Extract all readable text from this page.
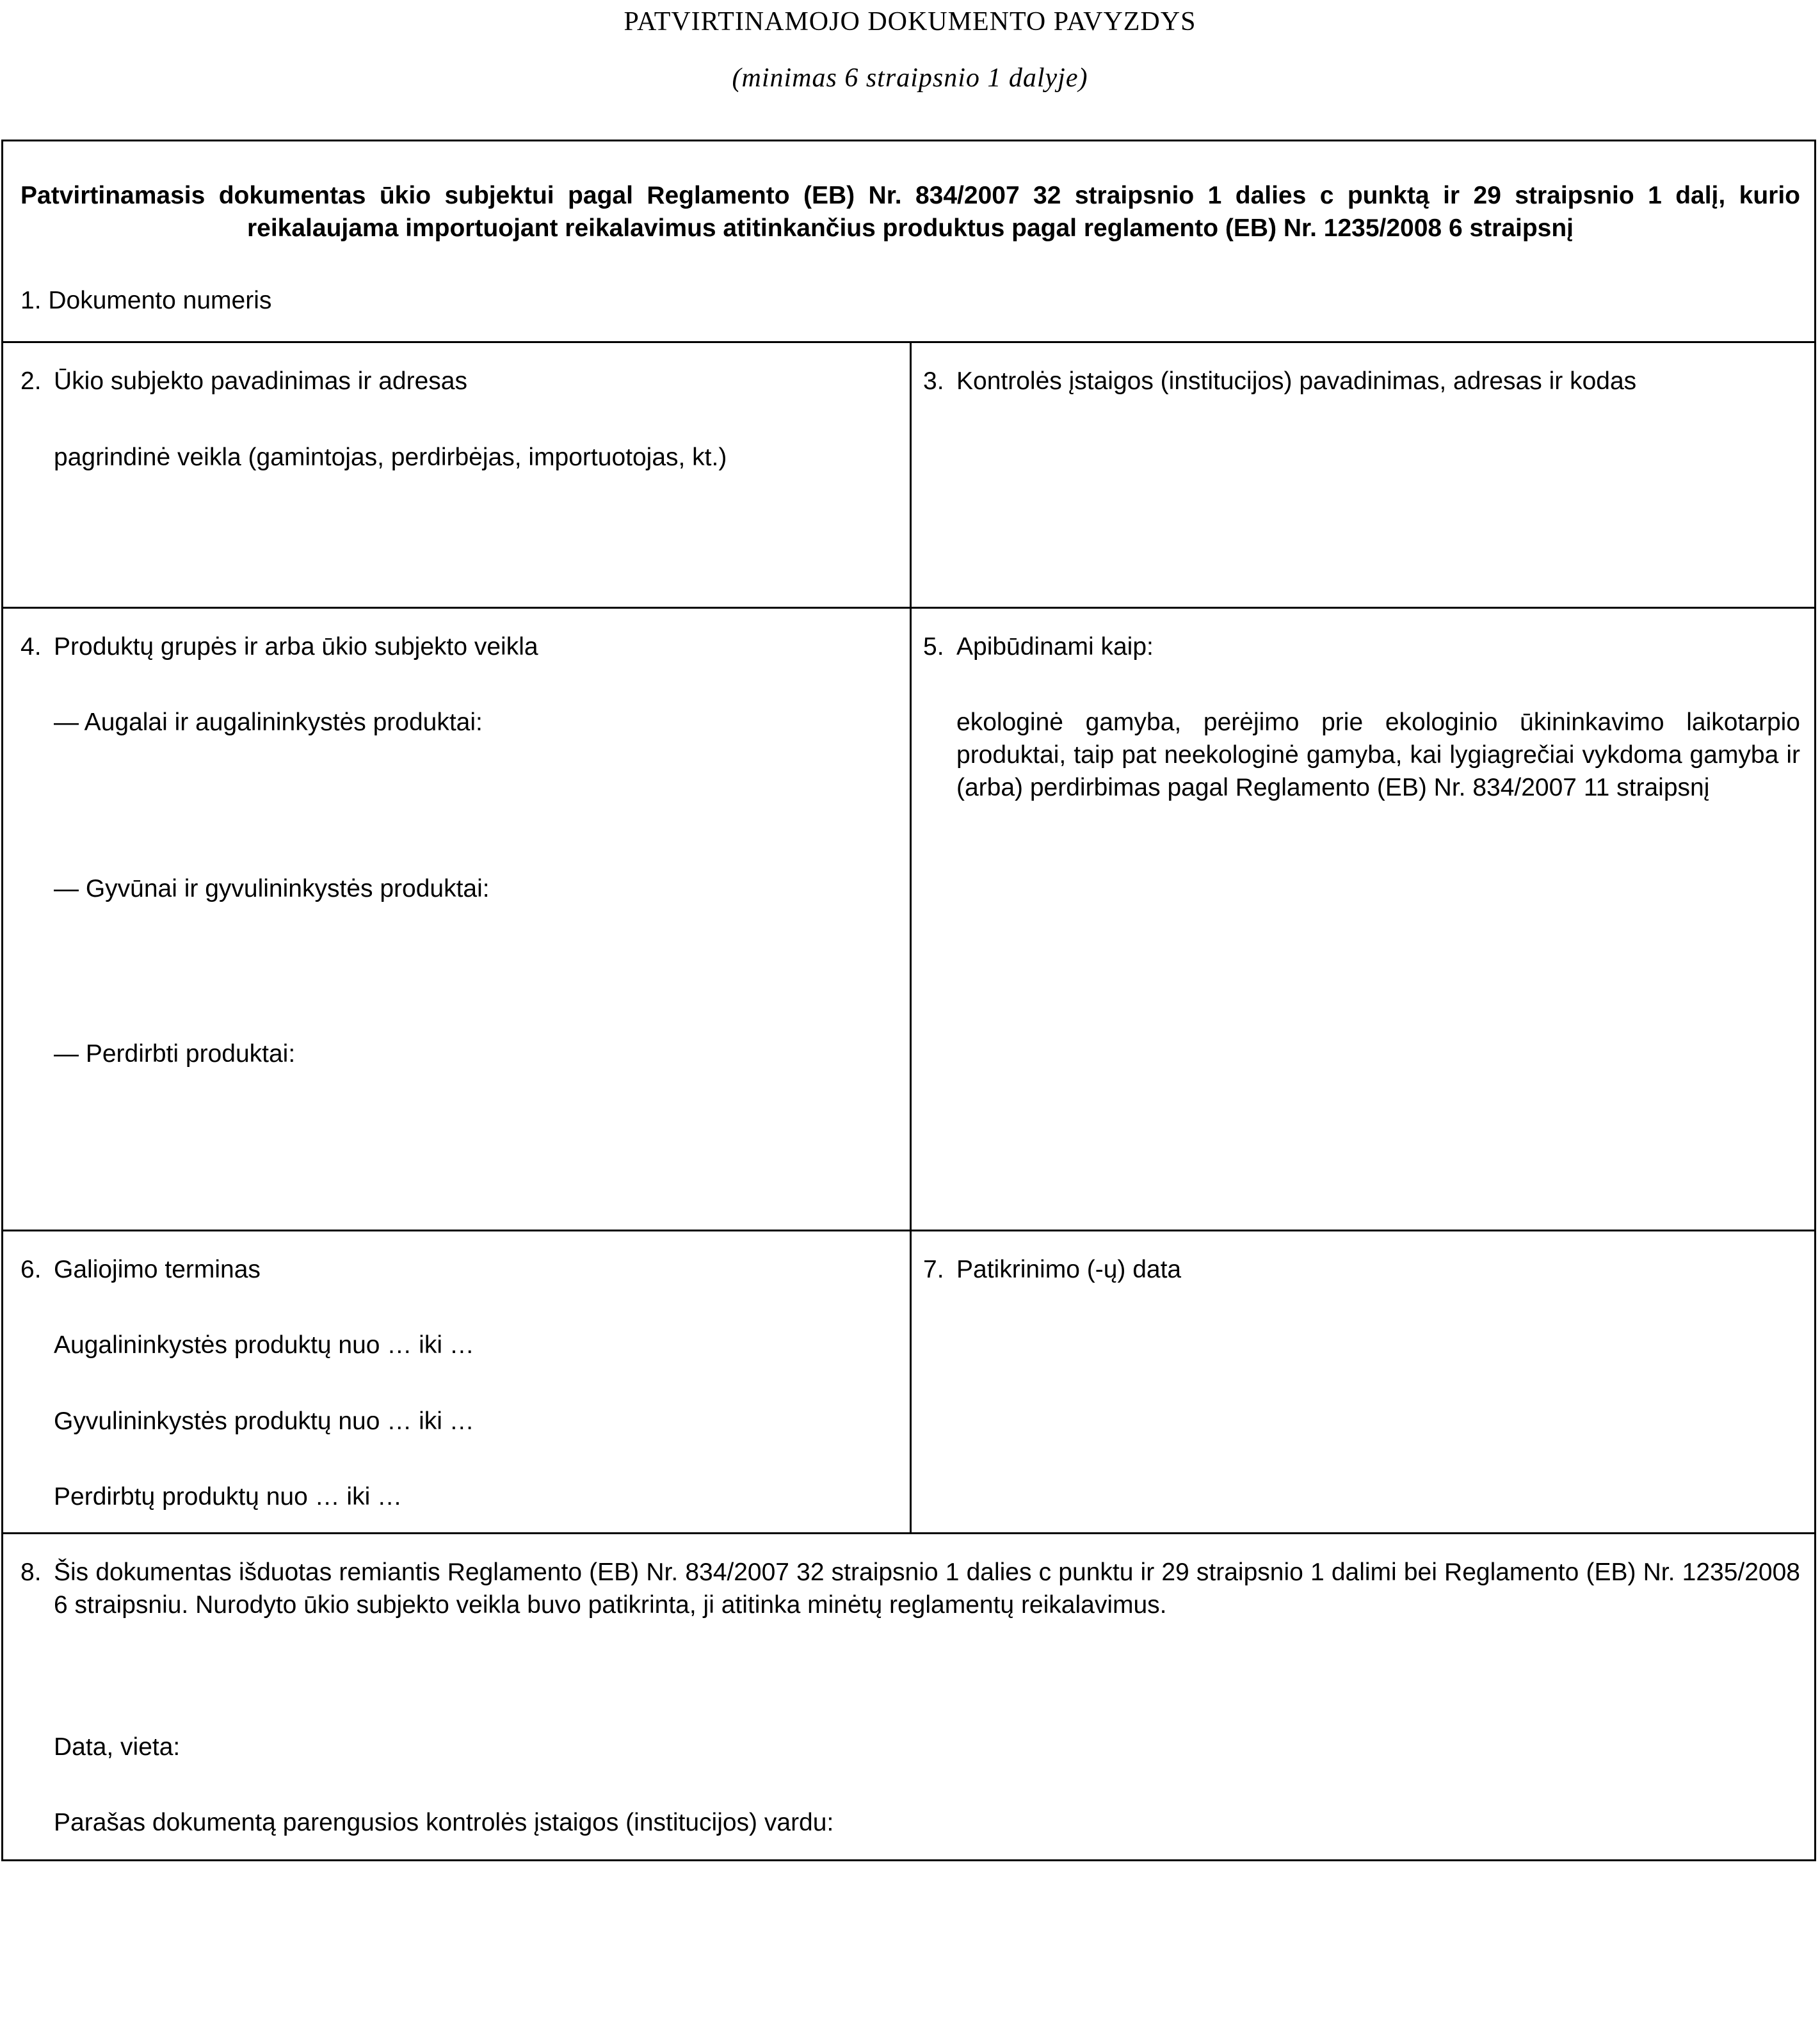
PATVIRTINAMOJO DOKUMENTO PAVYZDYS
(minimas 6 straipsnio 1 dalyje)
Patvirtinamasis dokumentas ūkio subjektui pagal Reglamento (EB) Nr. 834/2007 32 straipsnio 1 dalies c punktą ir 29 straipsnio 1 dalį, kurio reikalaujama importuojant reikalavimus atitinkančius produktus pagal reglamento (EB) Nr. 1235/2008 6 straipsnį
1. Dokumento numeris
2. Ūkio subjekto pavadinimas ir adresas
pagrindinė veikla (gamintojas, perdirbėjas, importuotojas, kt.)
3. Kontrolės įstaigos (institucijos) pavadinimas, adresas ir kodas
4. Produktų grupės ir arba ūkio subjekto veikla
— Augalai ir augalininkystės produktai:
— Gyvūnai ir gyvulininkystės produktai:
— Perdirbti produktai:
5. Apibūdinami kaip:
ekologinė gamyba, perėjimo prie ekologinio ūkininkavimo laikotarpio produktai, taip pat neekologinė gamyba, kai lygiagrečiai vykdoma gamyba ir (arba) perdirbimas pagal Reglamento (EB) Nr. 834/2007 11 straipsnį
6. Galiojimo terminas
Augalininkystės produktų nuo … iki …
Gyvulininkystės produktų nuo … iki …
Perdirbtų produktų nuo … iki …
7. Patikrinimo (-ų) data
8. Šis dokumentas išduotas remiantis Reglamento (EB) Nr. 834/2007 32 straipsnio 1 dalies c punktu ir 29 straipsnio 1 dalimi bei Reglamento (EB) Nr. 1235/2008 6 straipsniu. Nurodyto ūkio subjekto veikla buvo patikrinta, ji atitinka minėtų reglamentų reikalavimus.
Data, vieta:
Parašas dokumentą parengusios kontrolės įstaigos (institucijos) vardu:
